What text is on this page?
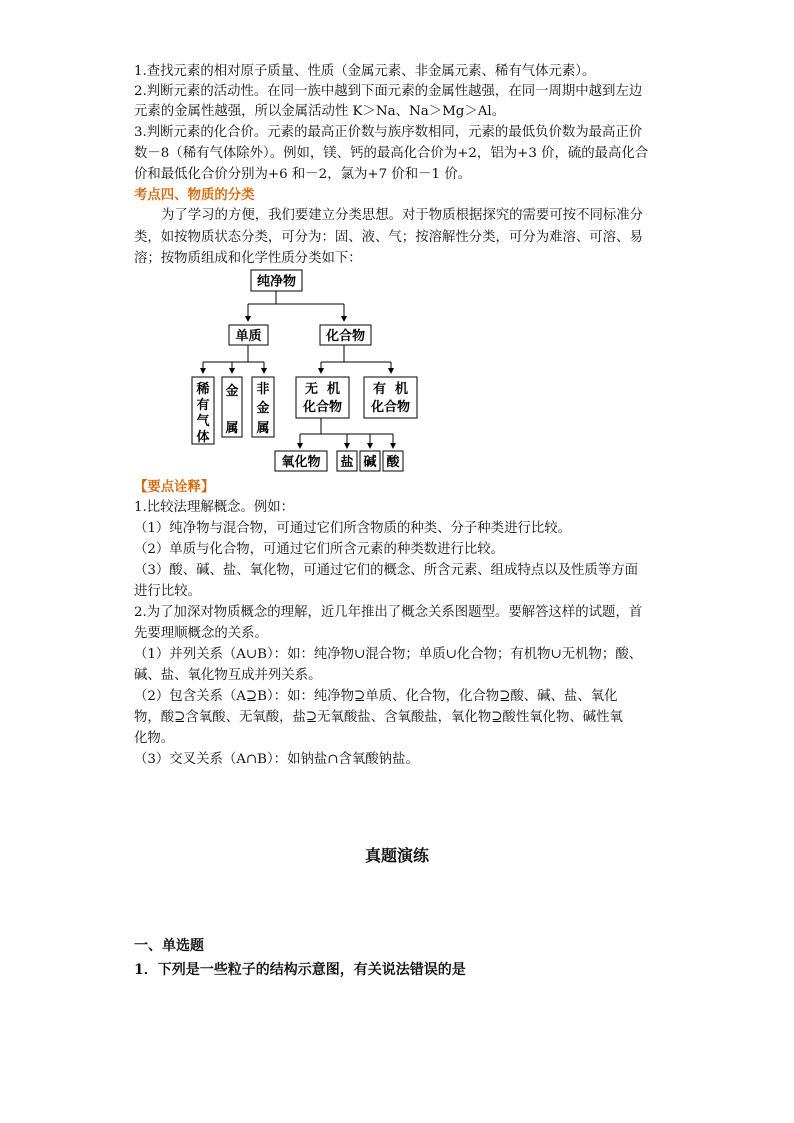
1.查找元素的相对原子质量、性质（金属元素、非金属元素、稀有气体元素）。
2.判断元素的活动性。在同一族中越到下面元素的金属性越强，在同一周期中越到左边
元素的金属性越强，所以金属活动性 K＞Na、Na＞Mg＞Al。
3.判断元素的化合价。元素的最高正价数与族序数相同，元素的最低负价数为最高正价
数－8（稀有气体除外）。例如，镁、钙的最高化合价为+2，铝为+3 价，硫的最高化合
价和最低化合价分别为+6 和－2，氯为+7 价和－1 价。
考点四、物质的分类
为了学习的方便，我们要建立分类思想。对于物质根据探究的需要可按不同标准分
类，如按物质状态分类，可分为：固、液、气；按溶解性分类，可分为难溶、可溶、易
溶；按物质组成和化学性质分类如下：
纯净物
单质	化合物
稀
有
气
体
金
属
非
金
属
无  机
化合物
有  机
化合物
氧化物 盐 碱 酸
【要点诠释】
1.比较法理解概念。例如：
（1）纯净物与混合物，可通过它们所含物质的种类、分子种类进行比较。
（2）单质与化合物，可通过它们所含元素的种类数进行比较。
（3）酸、碱、盐、氧化物，可通过它们的概念、所含元素、组成特点以及性质等方面
进行比较。
2.为了加深对物质概念的理解，近几年推出了概念关系图题型。要解答这样的试题，首
先要理顺概念的关系。
（1）并列关系（A∪B）：如：纯净物∪混合物；单质∪化合物；有机物∪无机物；酸、
碱、盐、氧化物互成并列关系。
（2）包含关系（A⊇B）：如：纯净物⊇单质、化合物，化合物⊇酸、碱、盐、氧化
物，酸⊇含氧酸、无氧酸，盐⊇无氧酸盐、含氧酸盐，氧化物⊇酸性氧化物、碱性氧
化物。
（3）交叉关系（A∩B）：如钠盐∩含氧酸钠盐。
真题演练
一、单选题
1．下列是一些粒子的结构示意图，有关说法错误的是
